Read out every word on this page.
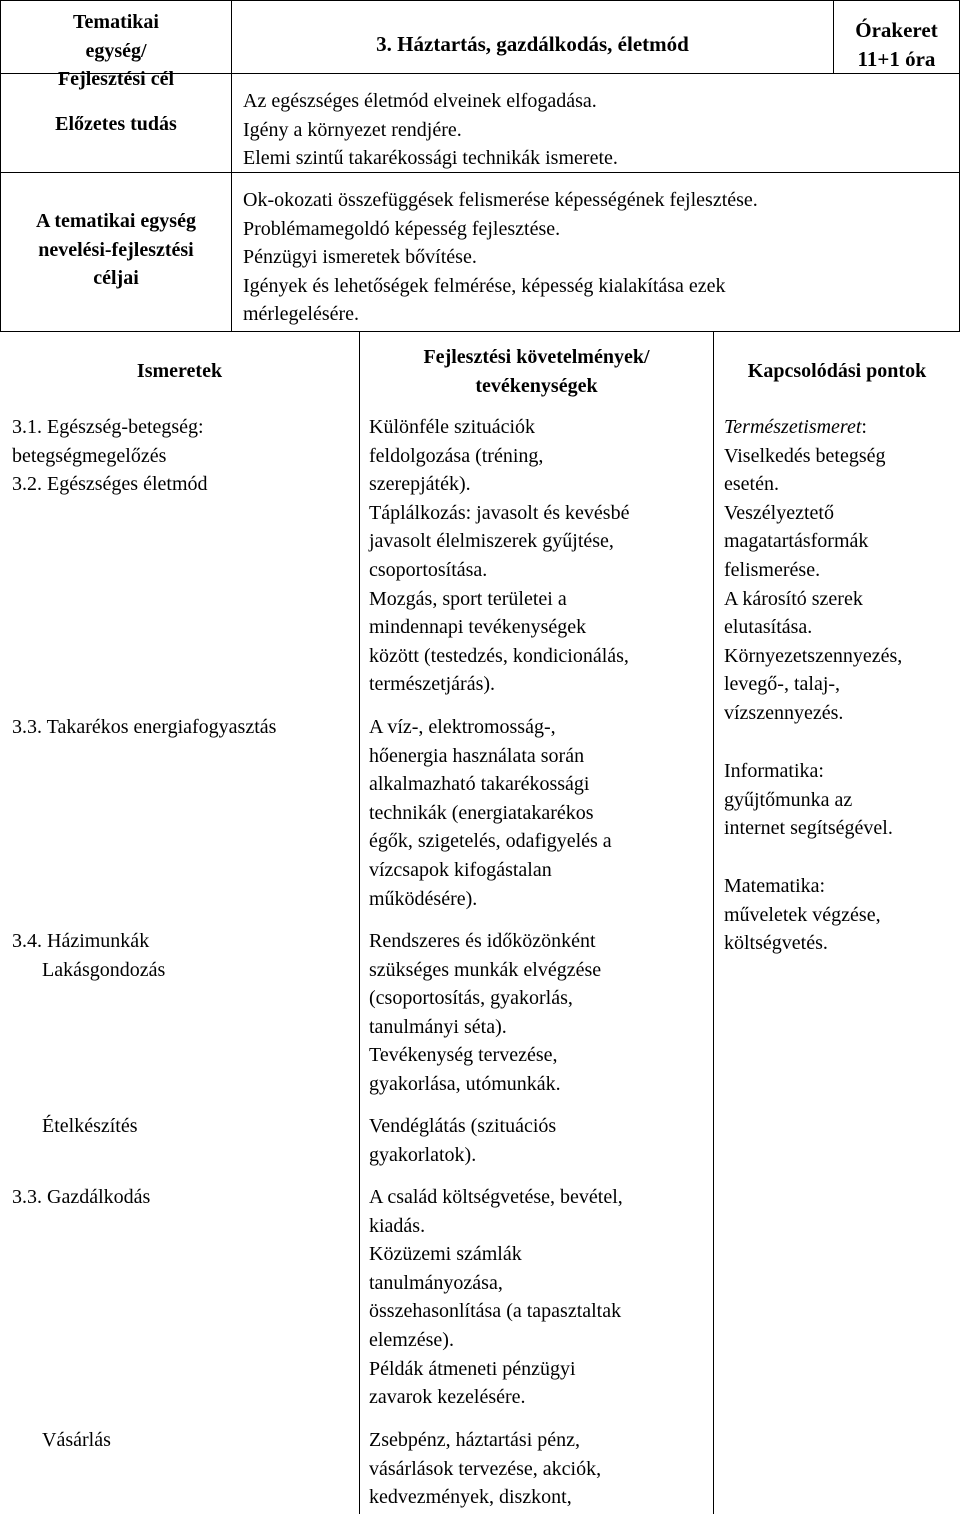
Tematikai egység/ Fejlesztési cél
3. Háztartás, gazdálkodás, életmód
Órakeret
11+1 óra
Előzetes tudás
Az egészséges életmód elveinek elfogadása.
Igény a környezet rendjére.
Elemi szintű takarékossági technikák ismerete.
A tematikai egység
nevelési-fejlesztési
céljai
Ok-okozati összefüggések felismerése képességének fejlesztése.
Problémamegoldó képesség fejlesztése.
Pénzügyi ismeretek bővítése.
Igények és lehetőségek felmérése, képesség kialakítása ezek
mérlegelésére.
Ismeretek
Fejlesztési követelmények/
tevékenységek
Kapcsolódási pontok
3.1. Egészség-betegség:
betegségmegelőzés
3.2. Egészséges életmód
3.3. Takarékos energiafogyasztás
3.4. Házimunkák
Lakásgondozás
Ételkészítés
3.3. Gazdálkodás
Vásárlás
Különféle szituációk
feldolgozása (tréning,
szerepjáték).
Táplálkozás: javasolt és kevésbé
javasolt élelmiszerek gyűjtése,
csoportosítása.
Mozgás, sport területei a
mindennapi tevékenységek
között (testedzés, kondicionálás,
természetjárás).
A víz-, elektromosság-,
hőenergia használata során
alkalmazható takarékossági
technikák (energiatakarékos
égők, szigetelés, odafigyelés a
vízcsapok kifogástalan
működésére).
Rendszeres és időközönként
szükséges munkák elvégzése
(csoportosítás, gyakorlás,
tanulmányi séta).
Tevékenység tervezése,
gyakorlása, utómunkák.
Vendéglátás (szituációs
gyakorlatok).
A család költségvetése, bevétel,
kiadás.
Közüzemi számlák
tanulmányozása,
összehasonlítása (a tapasztaltak
elemzése).
Példák átmeneti pénzügyi
zavarok kezelésére.
Zsebpénz, háztartási pénz,
vásárlások tervezése, akciók,
kedvezmények, diszkont,
Természetismeret:
Viselkedés betegség
esetén.
Veszélyeztető
magatartásformák
felismerése.
A károsító szerek
elutasítása.
Környezetszennyezés,
levegő-, talaj-,
vízszennyezés.
Informatika:
gyűjtőmunka az
internet segítségével.
Matematika:
műveletek végzése,
költségvetés.
